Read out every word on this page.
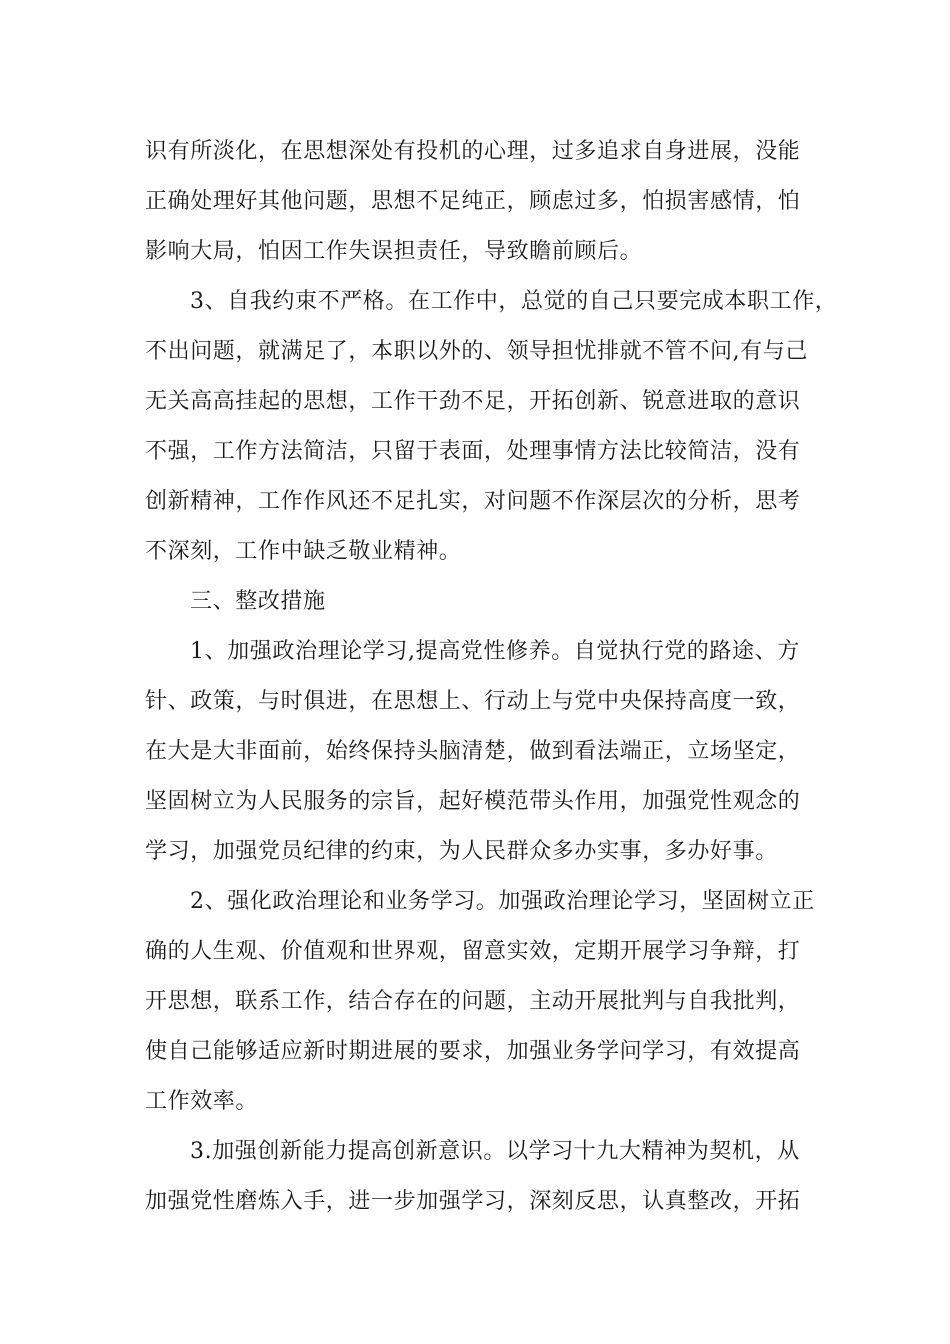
识有所淡化，在思想深处有投机的心理，过多追求自身进展，没能
正确处理好其他问题，思想不足纯正，顾虑过多，怕损害感情，怕
影响大局，怕因工作失误担责任，导致瞻前顾后。
3、自我约束不严格。在工作中，总觉的自己只要完成本职工作，
不出问题，就满足了，本职以外的、领导担忧排就不管不问,有与己
无关高高挂起的思想，工作干劲不足，开拓创新、锐意进取的意识
不强，工作方法简洁，只留于表面，处理事情方法比较简洁，没有
创新精神，工作作风还不足扎实，对问题不作深层次的分析，思考
不深刻，工作中缺乏敬业精神。
三、整改措施
1、加强政治理论学习,提高党性修养。自觉执行党的路途、方
针、政策，与时俱进，在思想上、行动上与党中央保持高度一致，
在大是大非面前，始终保持头脑清楚，做到看法端正，立场坚定，
坚固树立为人民服务的宗旨，起好模范带头作用，加强党性观念的
学习，加强党员纪律的约束，为人民群众多办实事，多办好事。
2、强化政治理论和业务学习。加强政治理论学习，坚固树立正
确的人生观、价值观和世界观，留意实效，定期开展学习争辩，打
开思想，联系工作，结合存在的问题，主动开展批判与自我批判，
使自己能够适应新时期进展的要求，加强业务学问学习，有效提高
工作效率。
3.加强创新能力提高创新意识。以学习十九大精神为契机，从
加强党性磨炼入手，进一步加强学习，深刻反思，认真整改，开拓
